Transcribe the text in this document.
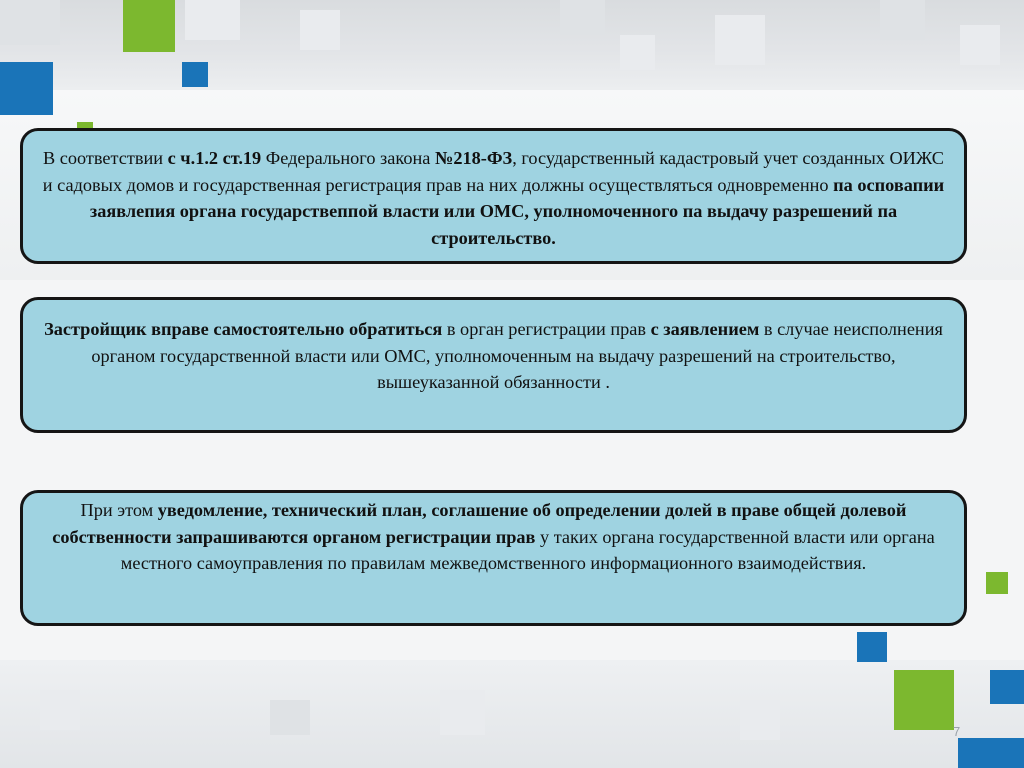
В соответствии с ч.1.2 ст.19 Федерального закона №218-ФЗ, государственный кадастровый учет созданных ОИЖС и садовых домов и государственная регистрация прав на них должны осуществляться одновременно па осповапии заявлепия органа государствеппой власти или ОМС, уполномоченного па выдачу разрешений па строительство.

Застройщик вправе самостоятельно обратиться в орган регистрации прав с заявлением в случае неисполнения органом государственной власти или ОМС, уполномоченным на выдачу разрешений на строительство, вышеуказанной обязанности .

При этом уведомление, технический план, соглашение об определении долей в праве общей долевой собственности запрашиваются органом регистрации прав у таких органа государственной власти или органа местного самоуправления по правилам межведомственного информационного взаимодействия.

7
